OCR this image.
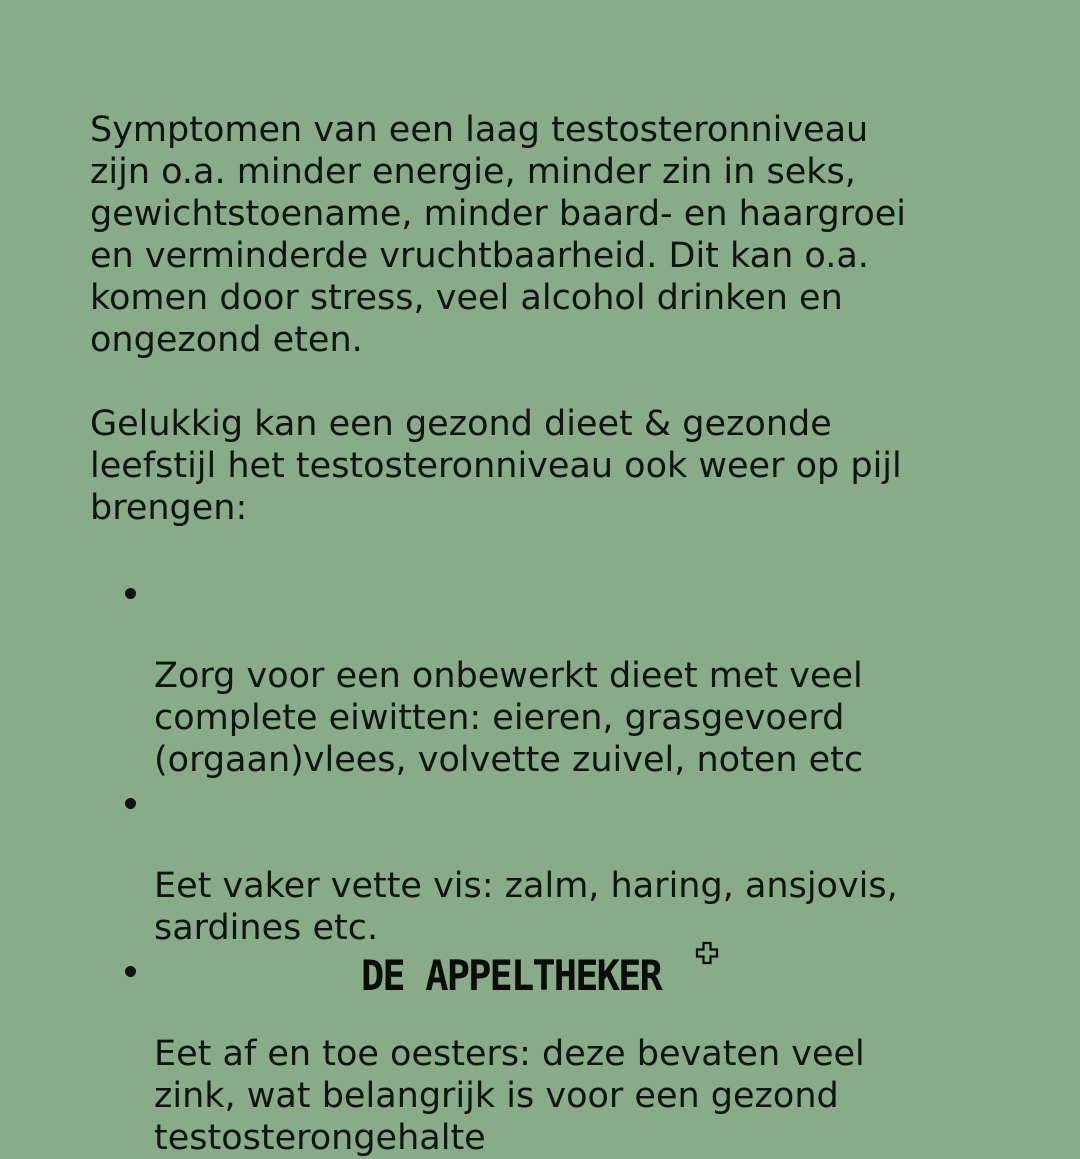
Symptomen van een laag testosteronniveau
zijn o.a. minder energie, minder zin in seks,
gewichtstoename, minder baard- en haargroei
en verminderde vruchtbaarheid. Dit kan o.a.
komen door stress, veel alcohol drinken en
ongezond eten.

Gelukkig kan een gezond dieet & gezonde
leefstijl het testosteronniveau ook weer op pijl
brengen:

Zorg voor een onbewerkt dieet met veel
complete eiwitten: eieren, grasgevoerd
(orgaan)vlees, volvette zuivel, noten etc

Eet vaker vette vis: zalm, haring, ansjovis,
sardines etc.

Eet af en toe oesters: deze bevaten veel
zink, wat belangrijk is voor een gezond
testosterongehalte

DE APPELTHEKER
